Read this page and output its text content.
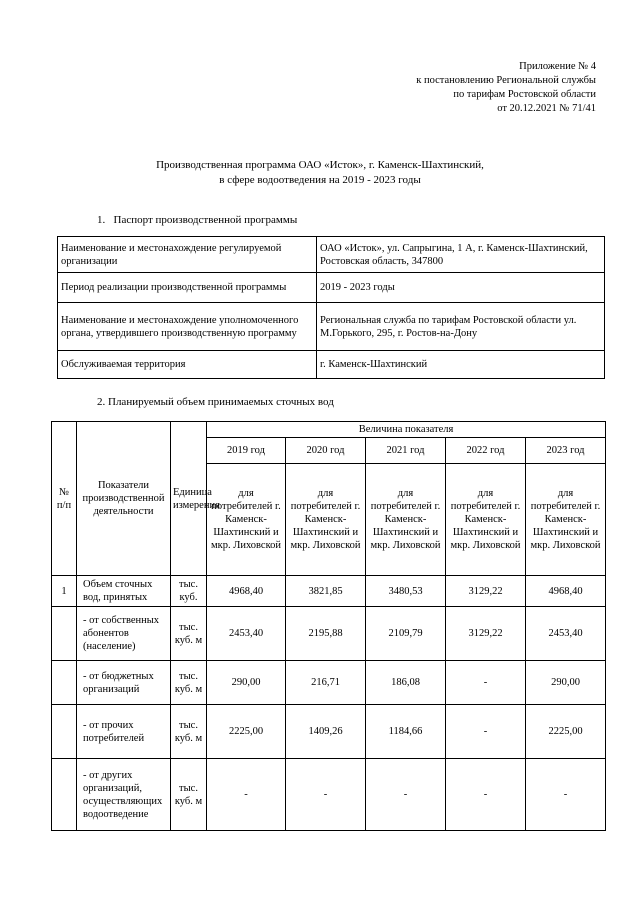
Приложение № 4
к постановлению Региональной службы
по тарифам Ростовской области
от 20.12.2021 № 71/41
Производственная программа ОАО «Исток», г. Каменск-Шахтинский,
в сфере водоотведения на 2019 - 2023 годы
1. Паспорт производственной программы
Наименование и местонахождение регулируемой организации	ОАО «Исток», ул. Сапрыгина, 1 А, г. Каменск-Шахтинский, Ростовская область, 347800
Период реализации производственной программы	2019 - 2023 годы
Наименование и местонахождение уполномоченного органа, утвердившего производственную программу	Региональная служба по тарифам Ростовской области ул. М.Горького, 295, г. Ростов-на-Дону
Обслуживаемая территория	г. Каменск-Шахтинский
2. Планируемый объем принимаемых сточных вод
№ п/п	Показатели производственной деятельности	Единица измерения	Величина показателя				
			2019 год	2020 год	2021 год	2022 год	2023 год
			для потребителей г. Каменск-Шахтинский и мкр. Лиховской	для потребителей г. Каменск-Шахтинский и мкр. Лиховской	для потребителей г. Каменск-Шахтинский и мкр. Лиховской	для потребителей г. Каменск-Шахтинский и мкр. Лиховской	для потребителей г. Каменск-Шахтинский и мкр. Лиховской
1	Объем сточных вод, принятых	тыс. куб.	4968,40	3821,85	3480,53	3129,22	4968,40
	- от собственных абонентов (население)	тыс. куб. м	2453,40	2195,88	2109,79	3129,22	2453,40
	- от бюджетных организаций	тыс. куб. м	290,00	216,71	186,08	-	290,00
	- от прочих потребителей	тыс. куб. м	2225,00	1409,26	1184,66	-	2225,00
	- от других организаций, осуществляющих водоотведение	тыс. куб. м	-	-	-	-	-
